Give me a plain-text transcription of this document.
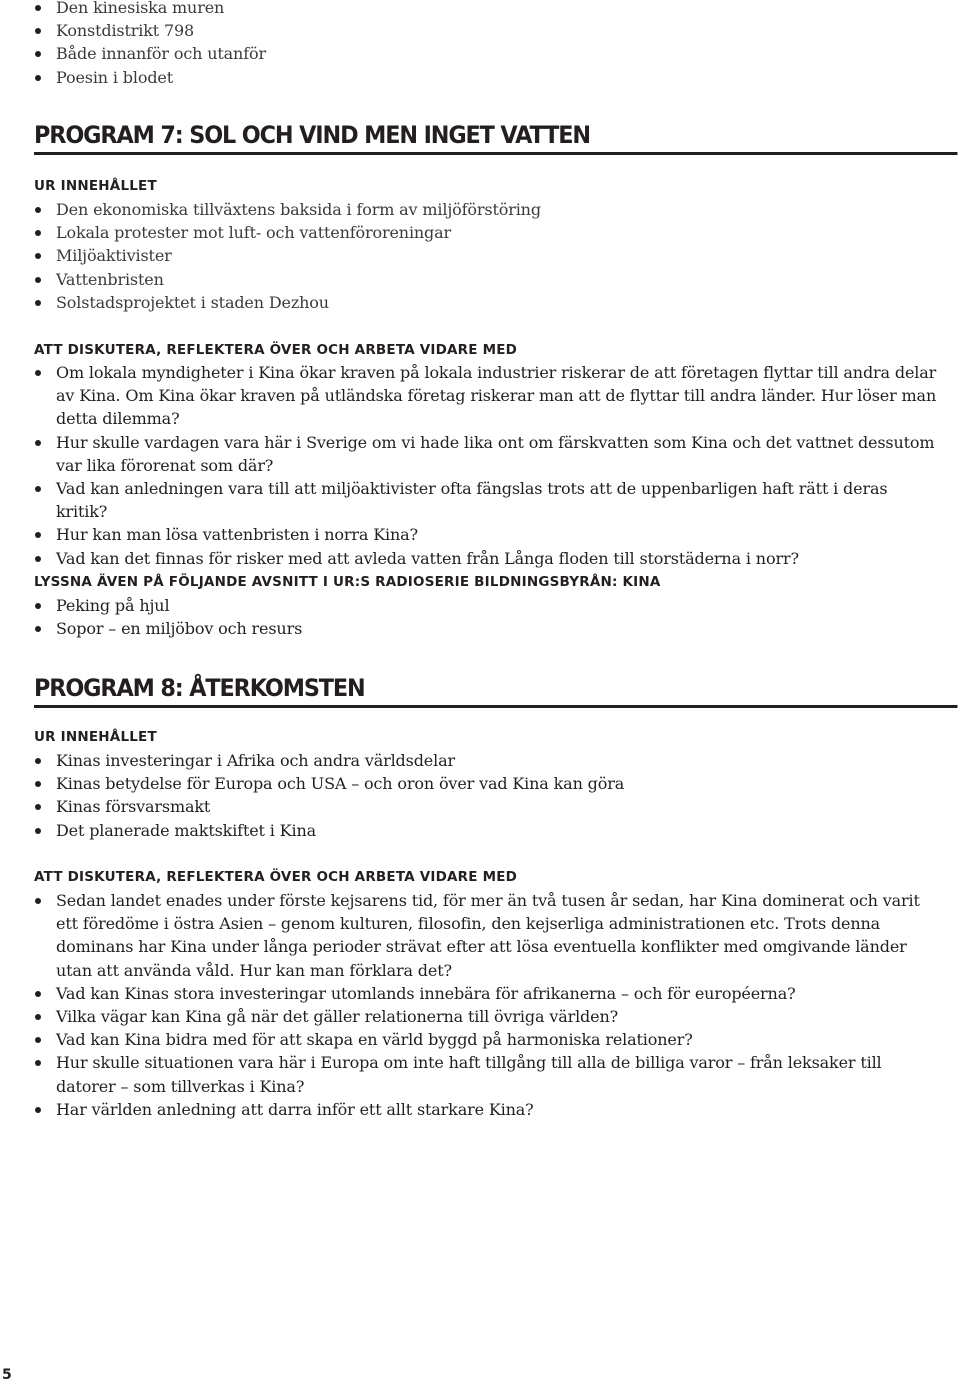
Den kinesiska muren
Konstdistrikt 798
Både innanför och utanför
Poesin i blodet
PROGRAM 7: SOL OCH VIND MEN INGET VATTEN
UR INNEHÅLLET
Den ekonomiska tillväxtens baksida i form av miljöförstöring
Lokala protester mot luft- och vattenföroreningar
Miljöaktivister
Vattenbristen
Solstadsprojektet i staden Dezhou
ATT DISKUTERA, REFLEKTERA ÖVER OCH ARBETA VIDARE MED
Om lokala myndigheter i Kina ökar kraven på lokala industrier riskerar de att företagen flyttar till andra delar av Kina. Om Kina ökar kraven på utländska företag riskerar man att de flyttar till andra länder. Hur löser man detta dilemma?
Hur skulle vardagen vara här i Sverige om vi hade lika ont om färskvatten som Kina och det vattnet dessutom var lika förorenat som där?
Vad kan anledningen vara till att miljöaktivister ofta fängslas trots att de uppenbarligen haft rätt i deras kritik?
Hur kan man lösa vattenbristen i norra Kina?
Vad kan det finnas för risker med att avleda vatten från Långa floden till storstäderna i norr?
LYSSNA ÄVEN PÅ FÖLJANDE AVSNITT I UR:S RADIOSERIE BILDNINGSBYRÅN: KINA
Peking på hjul
Sopor – en miljöbov och resurs
PROGRAM 8: ÅTERKOMSTEN
UR INNEHÅLLET
Kinas investeringar i Afrika och andra världsdelar
Kinas betydelse för Europa och USA – och oron över vad Kina kan göra
Kinas försvarsmakt
Det planerade maktskiftet i Kina
ATT DISKUTERA, REFLEKTERA ÖVER OCH ARBETA VIDARE MED
Sedan landet enades under förste kejsarens tid, för mer än två tusen år sedan, har Kina dominerat och varit ett föredöme i östra Asien – genom kulturen, filosofin, den kejserliga administrationen etc. Trots denna dominans har Kina under långa perioder strävat efter att lösa eventuella konflikter med omgivande länder utan att använda våld. Hur kan man förklara det?
Vad kan Kinas stora investeringar utomlands innebära för afrikanerna – och för européerna?
Vilka vägar kan Kina gå när det gäller relationerna till övriga världen?
Vad kan Kina bidra med för att skapa en värld byggd på harmoniska relationer?
Hur skulle situationen vara här i Europa om inte haft tillgång till alla de billiga varor – från leksaker till datorer – som tillverkas i Kina?
Har världen anledning att darra inför ett allt starkare Kina?
5
